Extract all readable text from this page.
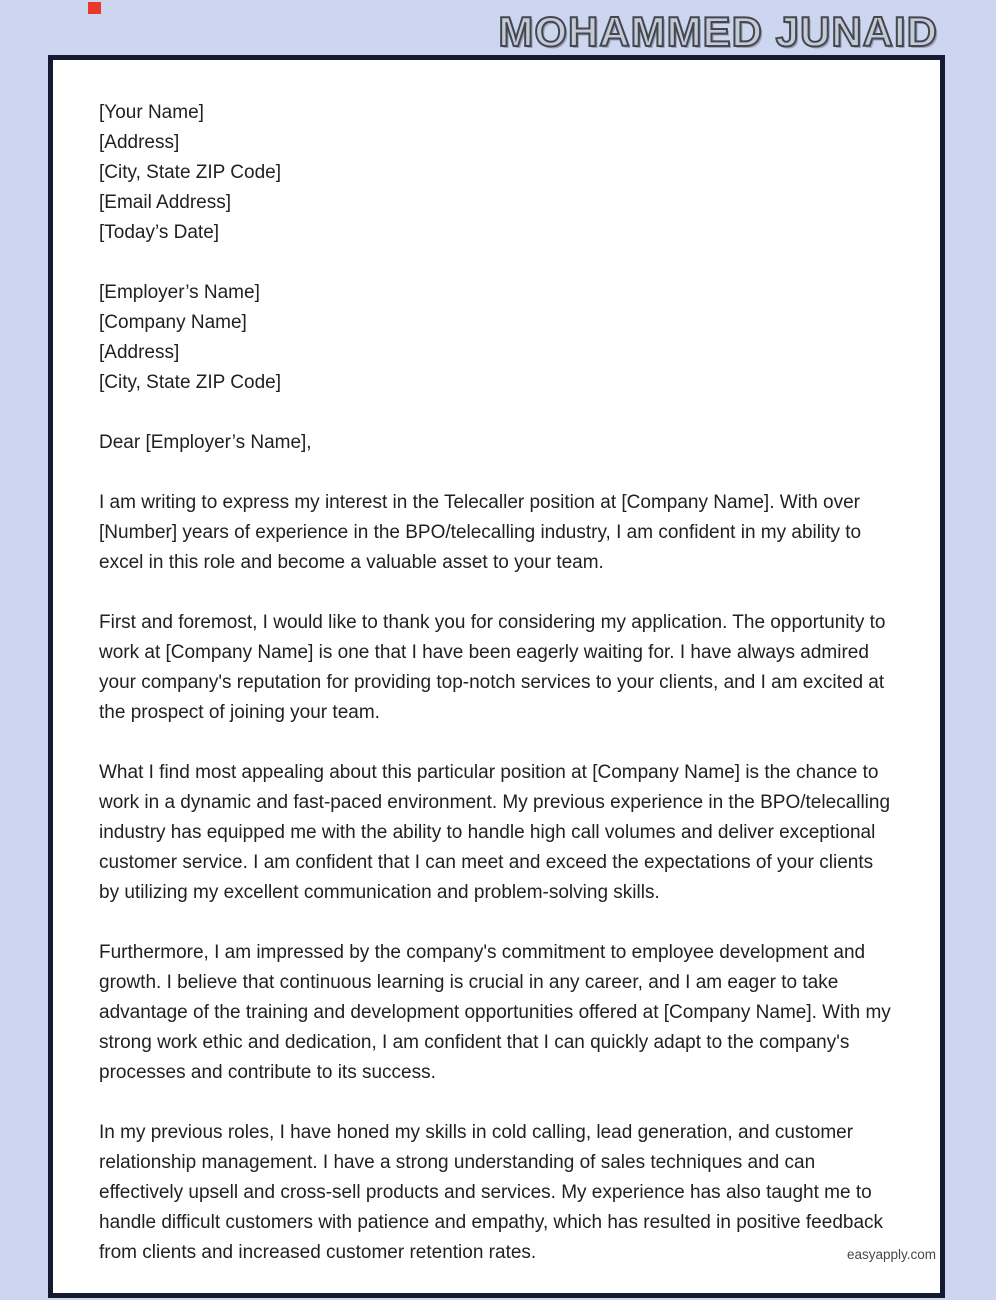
MOHAMMED JUNAID
[Your Name]
[Address]
[City, State ZIP Code]
[Email Address]
[Today’s Date]
[Employer’s Name]
[Company Name]
[Address]
[City, State ZIP Code]
Dear [Employer’s Name],

I am writing to express my interest in the Telecaller position at [Company Name]. With over [Number] years of experience in the BPO/telecalling industry, I am confident in my ability to excel in this role and become a valuable asset to your team.

First and foremost, I would like to thank you for considering my application. The opportunity to work at [Company Name] is one that I have been eagerly waiting for. I have always admired your company's reputation for providing top-notch services to your clients, and I am excited at the prospect of joining your team.

What I find most appealing about this particular position at [Company Name] is the chance to work in a dynamic and fast-paced environment. My previous experience in the BPO/telecalling industry has equipped me with the ability to handle high call volumes and deliver exceptional customer service. I am confident that I can meet and exceed the expectations of your clients by utilizing my excellent communication and problem-solving skills.

Furthermore, I am impressed by the company's commitment to employee development and growth. I believe that continuous learning is crucial in any career, and I am eager to take advantage of the training and development opportunities offered at [Company Name]. With my strong work ethic and dedication, I am confident that I can quickly adapt to the company's processes and contribute to its success.

In my previous roles, I have honed my skills in cold calling, lead generation, and customer relationship management. I have a strong understanding of sales techniques and can effectively upsell and cross-sell products and services. My experience has also taught me to handle difficult customers with patience and empathy, which has resulted in positive feedback from clients and increased customer retention rates.	easyapply.com
